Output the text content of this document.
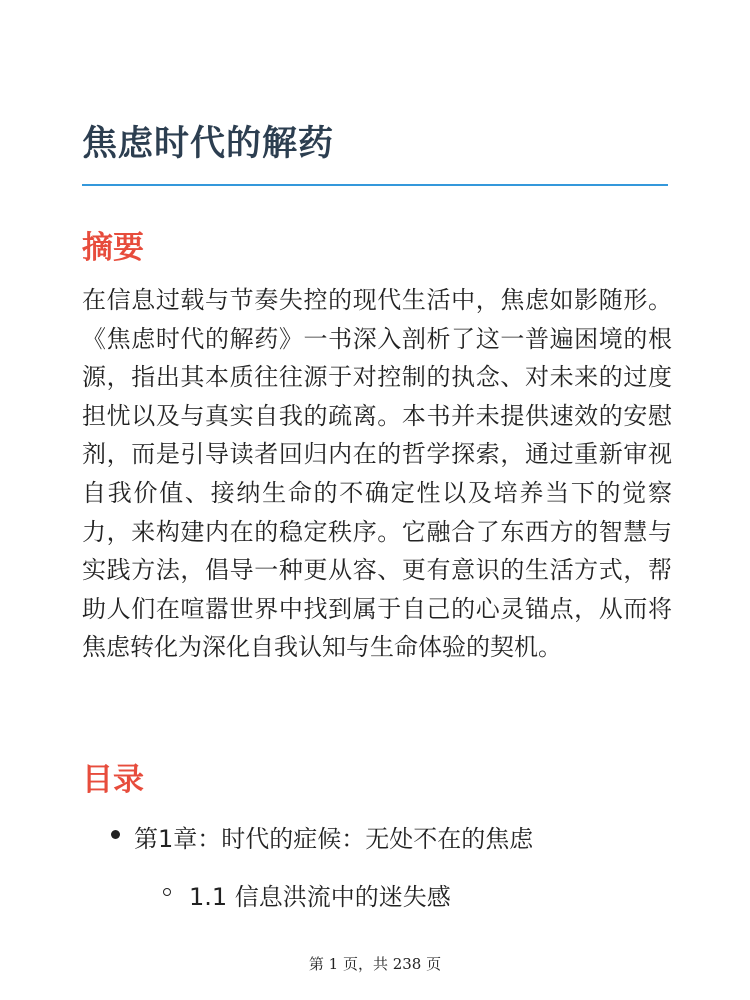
焦虑时代的解药
摘要

在信息过载与节奏失控的现代生活中，焦虑如影随形。《焦虑时代的解药》一书深入剖析了这一普遍困境的根源，指出其本质往往源于对控制的执念、对未来的过度担忧以及与真实自我的疏离。本书并未提供速效的安慰剂，而是引导读者回归内在的哲学探索，通过重新审视自我价值、接纳生命的不确定性以及培养当下的觉察力，来构建内在的稳定秩序。它融合了东西方的智慧与实践方法，倡导一种更从容、更有意识的生活方式，帮助人们在喧嚣世界中找到属于自己的心灵锚点，从而将焦虑转化为深化自我认知与生命体验的契机。

目录

第1章：时代的症候：无处不在的焦虑

1.1 信息洪流中的迷失感

第 1 页，共 238 页
